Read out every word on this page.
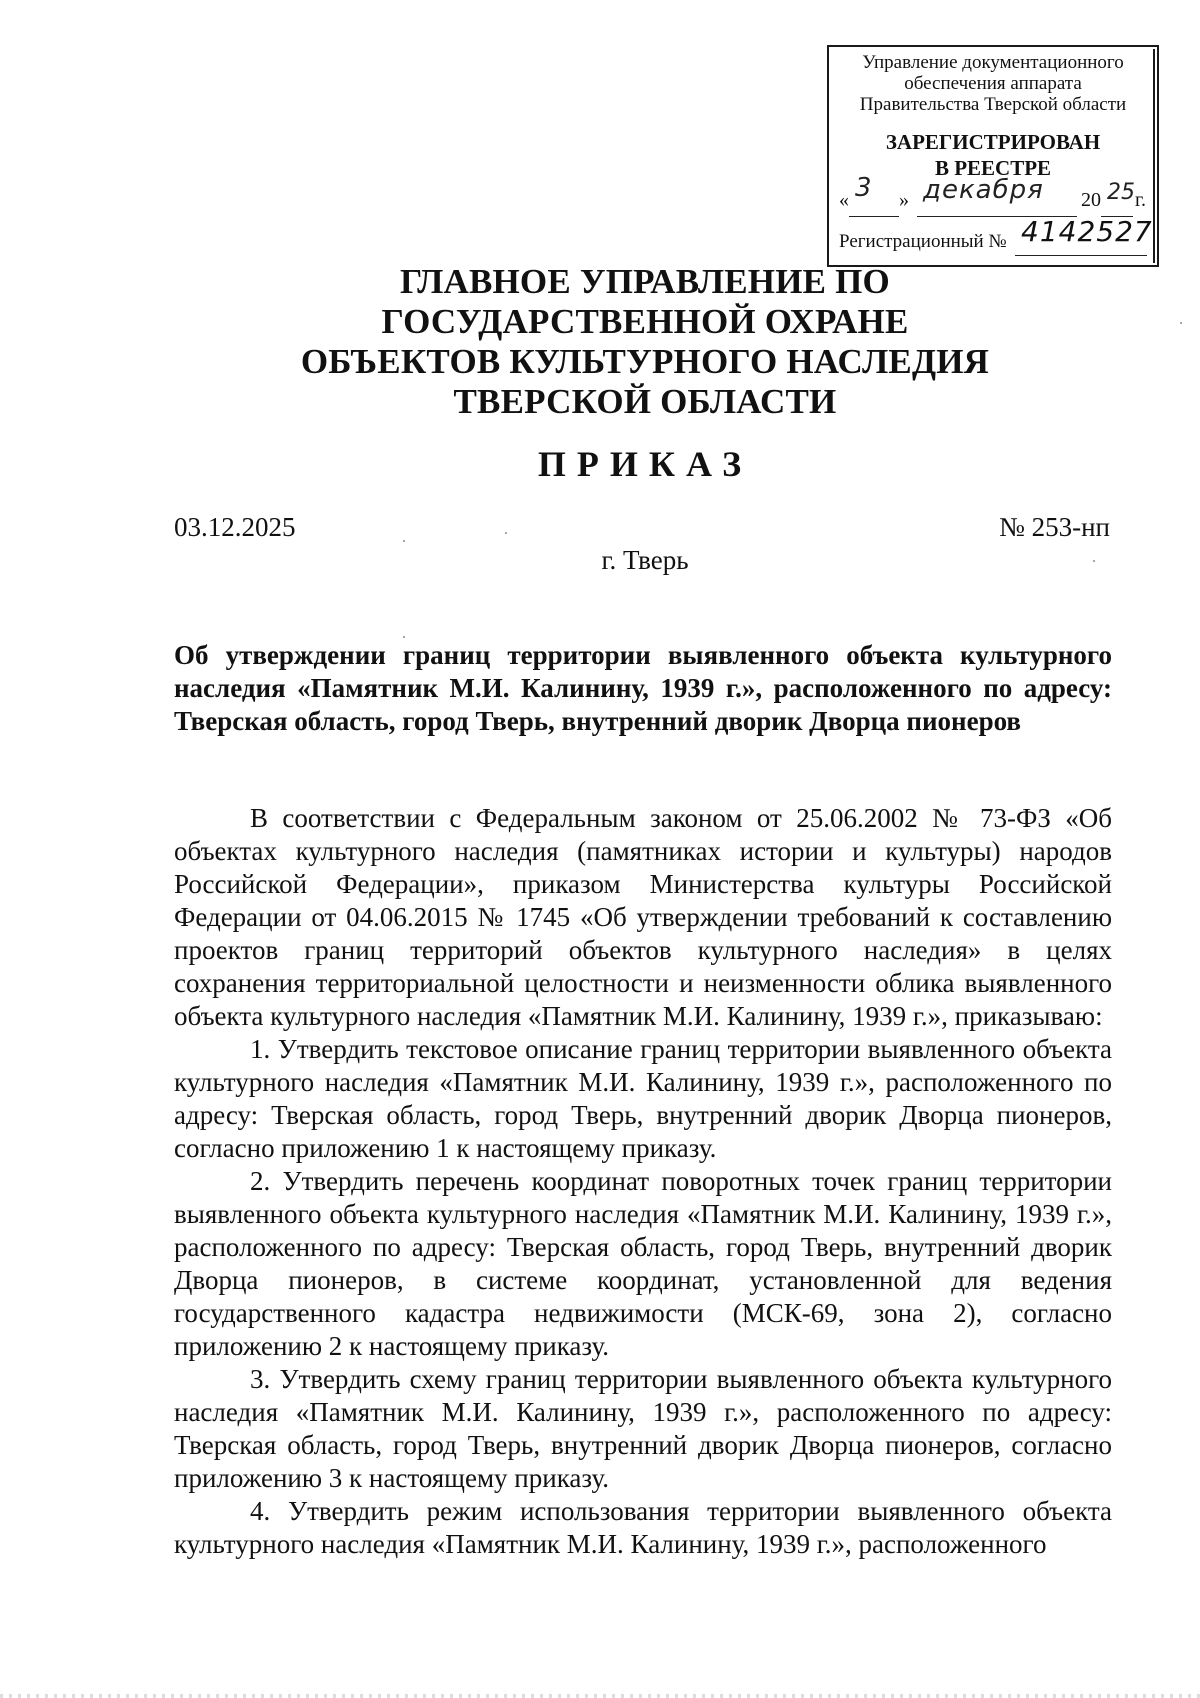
Управление документационного
обеспечения аппарата
Правительства Тверской области
ЗАРЕГИСТРИРОВАН
В РЕЕСТРЕ
« 3 » декабря 20 25 г.
Регистрационный № 4142527
ГЛАВНОЕ УПРАВЛЕНИЕ ПО
ГОСУДАРСТВЕННОЙ ОХРАНЕ
ОБЪЕКТОВ КУЛЬТУРНОГО НАСЛЕДИЯ
ТВЕРСКОЙ ОБЛАСТИ
ПРИКАЗ
03.12.2025	№ 253-нп
г. Тверь
Об утверждении границ территории выявленного объекта культурного наследия «Памятник М.И. Калинину, 1939 г.», расположенного по адресу: Тверская область, город Тверь, внутренний дворик Дворца пионеров

В соответствии с Федеральным законом от 25.06.2002 № 73-ФЗ «Об объектах культурного наследия (памятниках истории и культуры) народов Российской Федерации», приказом Министерства культуры Российской Федерации от 04.06.2015 № 1745 «Об утверждении требований к составлению проектов границ территорий объектов культурного наследия» в целях сохранения территориальной целостности и неизменности облика выявленного объекта культурного наследия «Памятник М.И. Калинину, 1939 г.», приказываю:

1. Утвердить текстовое описание границ территории выявленного объекта культурного наследия «Памятник М.И. Калинину, 1939 г.», расположенного по адресу: Тверская область, город Тверь, внутренний дворик Дворца пионеров, согласно приложению 1 к настоящему приказу.

2. Утвердить перечень координат поворотных точек границ территории выявленного объекта культурного наследия «Памятник М.И. Калинину, 1939 г.», расположенного по адресу: Тверская область, город Тверь, внутренний дворик Дворца пионеров, в системе координат, установленной для ведения государственного кадастра недвижимости (МСК-69, зона 2), согласно приложению 2 к настоящему приказу.

3. Утвердить схему границ территории выявленного объекта культурного наследия «Памятник М.И. Калинину, 1939 г.», расположенного по адресу: Тверская область, город Тверь, внутренний дворик Дворца пионеров, согласно приложению 3 к настоящему приказу.

4. Утвердить режим использования территории выявленного объекта культурного наследия «Памятник М.И. Калинину, 1939 г.», расположенного
